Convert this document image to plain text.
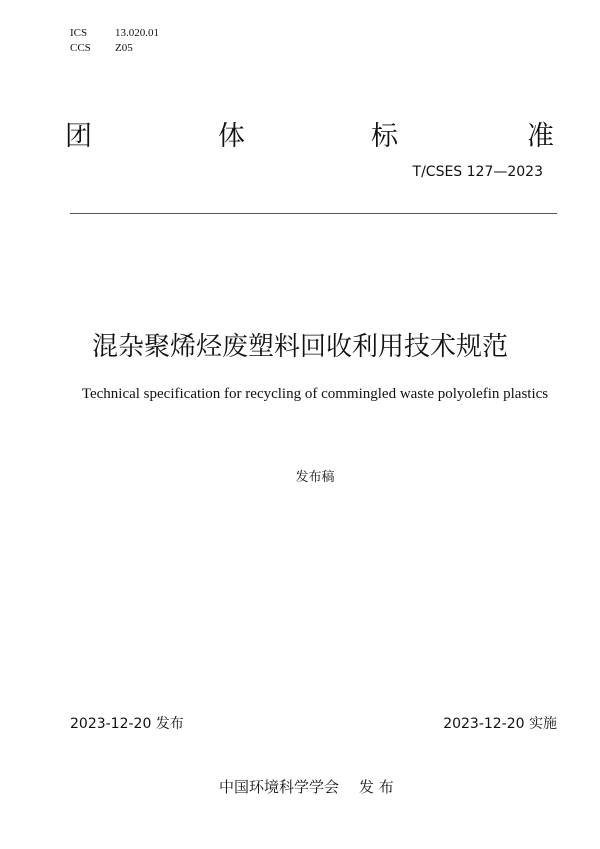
ICS	13.020.01
CCS Z05
团	体	标	准
T/CSES 127—2023
混杂聚烯烃废塑料回收利用技术规范
Technical specification for recycling of commingled waste polyolefin plastics
发布稿
2023-12-20 发布	2023-12-20 实施
中国环境科学学会 发 布
